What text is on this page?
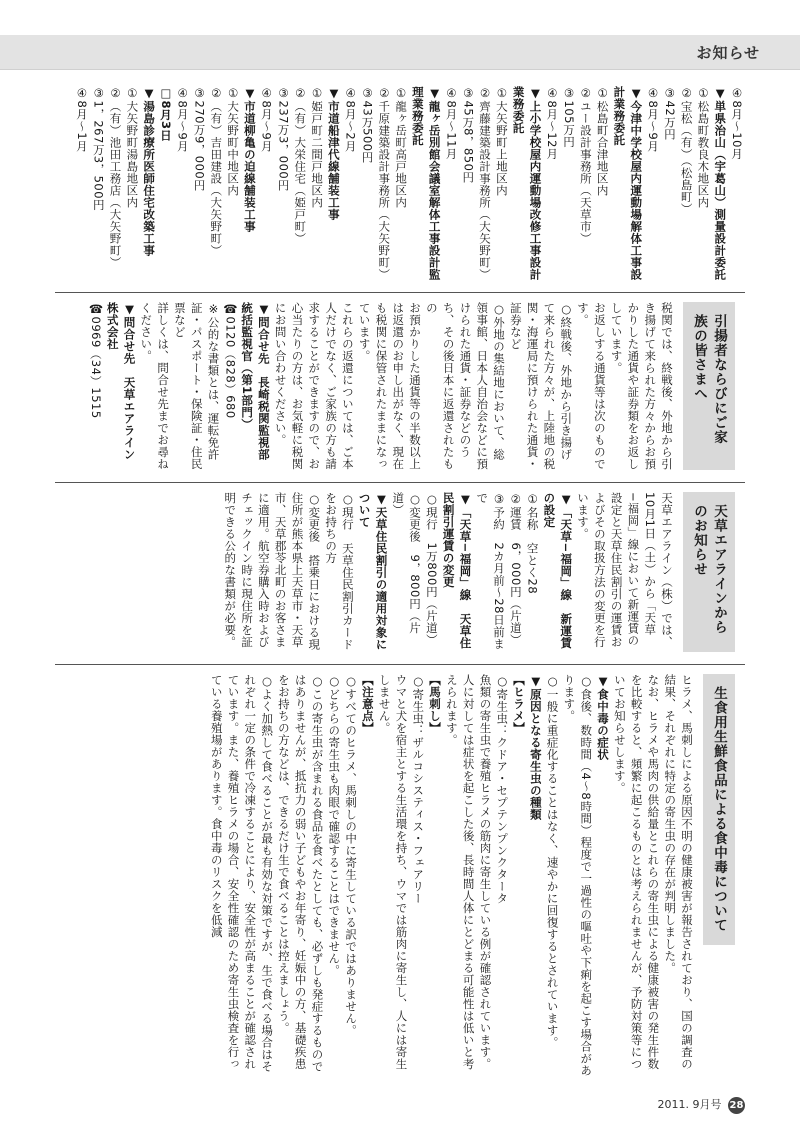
お知らせ

④8月〜10月

▼単県治山（宇葛山）測量設計委託

①松島町教良木地区内

②宝松（有）（松島町）

③42万円

④8月〜9月

▼今津中学校屋内運動場解体工事設計業務委託

①松島町合津地区内

②ユー設計事務所（天草市）

③105万円

④8月〜12月

▼上小学校屋内運動場改修工事設計業務委託

①大矢野町上地区内

②齊藤建築設計事務所（大矢野町）

③45万8，850円

④8月〜11月

▼龍ヶ岳別館会議室解体工事設計監理業務委託

①龍ヶ岳町高戸地区内

②千原建築設計事務所（大矢野町）

③43万500円

④8月〜2月

▼市道船津代線舗装工事

①姫戸町二間戸地区内

②（有）大栄住宅（姫戸町）

③237万3，000円

④8月〜9月

▼市道柳亀の迫線舗装工事

①大矢野町中地区内

②（有）吉田建設（大矢野町）

③270万9，000円

④8月〜9月

□8月3日

▼湯島診療所医師住宅改築工事

①大矢野町湯島地区内

②（有）池田工務店（大矢野町）

③1，267万3，500円

④8月〜1月

引揚者ならびにご家族の皆さまへ

税関では、終戦後、外地から引き揚げて来られた方々からお預かりした通貨や証券類をお返ししています。

お返しする通貨等は次のものです。

○終戦後、外地から引き揚げて来られた方々が、上陸地の税関・海運局に預けられた通貨・証券など

○外地の集結地において、総領事館、日本人自治会などに預けられた通貨・証券などのうち、その後日本に返還されたもの

お預かりした通貨等の半数以上は返還のお申し出がなく、現在も税関に保管されたままになっています。

これらの返還については、ご本人だけでなく、ご家族の方も請求することができますので、お心当たりの方は、お気軽に税関にお問い合わせください。

▼問合せ先　長崎税関監視部統括監視官（第1部門）

☎0120（828）680

※公的な書類とは、運転免許証・パスポート・保険証・住民票など

詳しくは、問合せ先までお尋ねください。

▼問合せ先　天草エアライン株式会社

☎0969（34）1515

天草エアラインからのお知らせ

天草エアライン（株）では、10月1日（土）から「天草−福岡」線において新運賃の設定と天草住民割引の運賃およびその取扱方法の変更を行います。

▼「天草−福岡」線　新運賃の設定

①名称　空とく28

②運賃　6，000円（片道）

③予約　2カ月前〜28日前まで

▼「天草−福岡」線　天草住民割引運賃の変更

○現行　1万800円（片道）

○変更後　9，800円（片道）

▼天草住民割引の適用対象について

○現行　天草住民割引カードをお持ちの方

○変更後　搭乗日における現住所が熊本県上天草市・天草市、天草郡苓北町のお客さまに適用。航空券購入時およびチェックイン時に現住所を証明できる公的な書類が必要。

生食用生鮮食品による食中毒について

ヒラメ、馬刺しによる原因不明の健康被害が報告されており、国の調査の結果、それぞれに特定の寄生虫の存在が判明しました。

なお、ヒラメや馬肉の供給量とこれらの寄生虫による健康被害の発生件数を比較すると、頻繁に起こるものとは考えられませんが、予防対策等についてお知らせします。

▼食中毒の症状

○食後、数時間（4〜8時間）程度で一過性の嘔吐や下痢を起こす場合があります。

○一般に重症化することはなく、速やかに回復するとされています。

▼原因となる寄生虫の種類

【ヒラメ】

○寄生虫：クドア・セプテンプンクタータ

魚類の寄生虫で養殖ヒラメの筋肉に寄生している例が確認されています。人に対しては症状を起こした後、長時間人体にとどまる可能性は低いと考えられます。

【馬刺し】

○寄生虫：ザルコシスティス・フェアリー

ウマと犬を宿主とする生活環を持ち、ウマでは筋肉に寄生し、人には寄生しません。

【注意点】

○すべてのヒラメ、馬刺しの中に寄生している訳ではありません。

○どちらの寄生虫も肉眼で確認することはできません。

○この寄生虫が含まれる食品を食べたとしても、必ずしも発症するものではありませんが、抵抗力の弱い子どもやお年寄り、妊娠中の方、基礎疾患をお持ちの方などは、できるだけ生で食べることは控えましょう。

○よく加熱して食べることが最も有効な対策ですが、生で食べる場合はそれぞれ一定の条件で冷凍することにより、安全性が高まることが確認されています。また、養殖ヒラメの場合、安全性確認のため寄生虫検査を行っている養殖場があります。食中毒のリスクを低減

2011. 9月号 28
